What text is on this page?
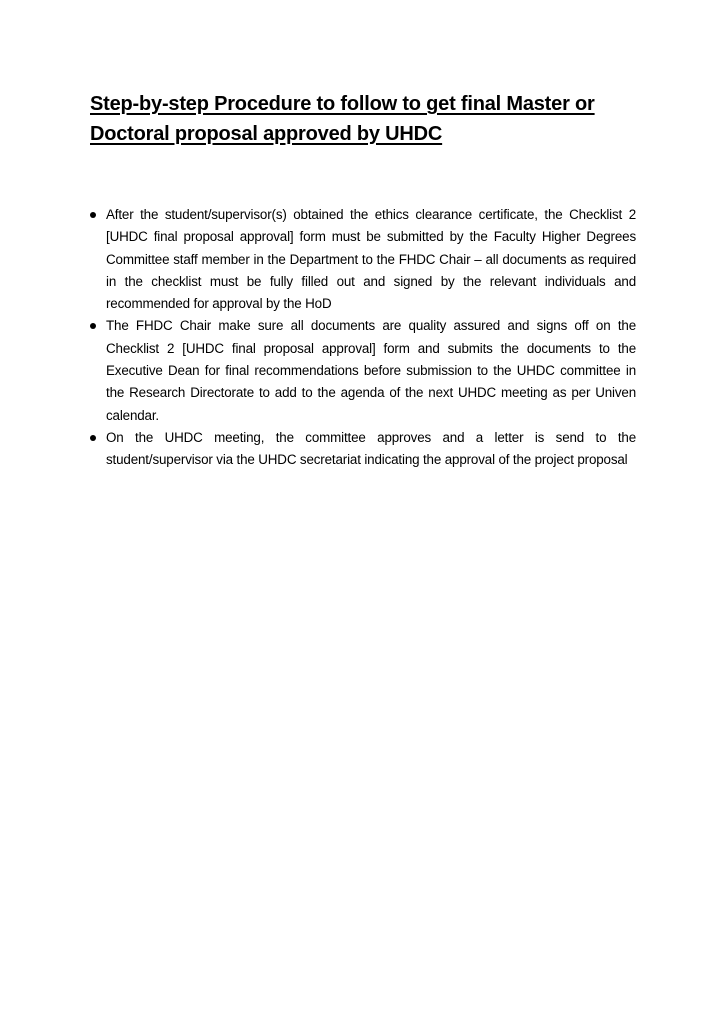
Step-by-step Procedure to follow to get final Master or
Doctoral proposal approved by UHDC
After the student/supervisor(s) obtained the ethics clearance certificate, the Checklist 2 [UHDC final proposal approval] form must be submitted by the Faculty Higher Degrees Committee staff member in the Department to the FHDC Chair – all documents as required in the checklist must be fully filled out and signed by the relevant individuals and recommended for approval by the HoD
The FHDC Chair make sure all documents are quality assured and signs off on the Checklist 2 [UHDC final proposal approval] form and submits the documents to the Executive Dean for final recommendations before submission to the UHDC committee in the Research Directorate to add to the agenda of the next UHDC meeting as per Univen calendar.
On the UHDC meeting, the committee approves and a letter is send to the student/supervisor via the UHDC secretariat indicating the approval of the project proposal
